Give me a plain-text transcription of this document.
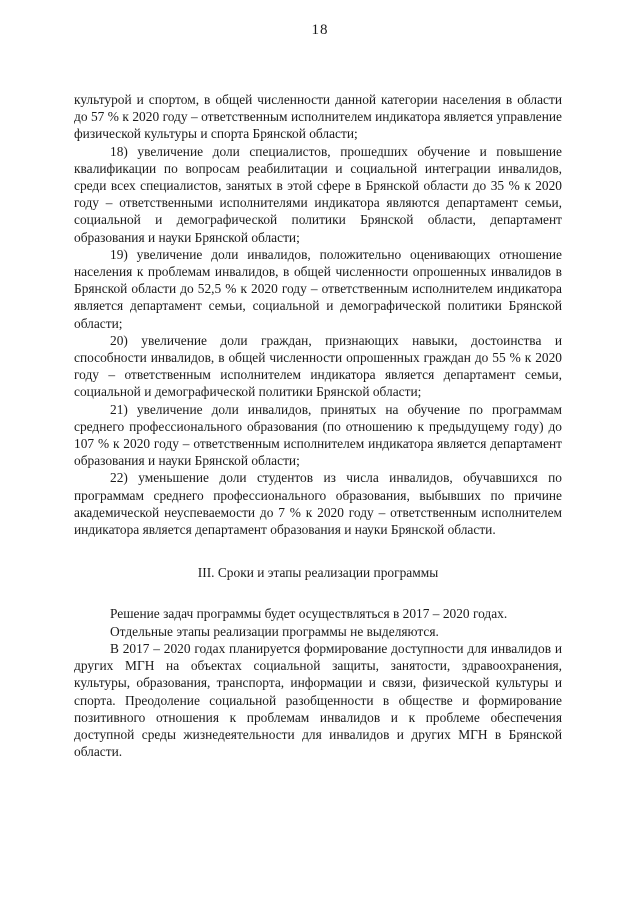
18

культурой и спортом, в общей численности данной категории населения в области до 57 % к 2020 году – ответственным исполнителем индикатора является управление физической культуры и спорта Брянской области;

18) увеличение доли специалистов, прошедших обучение и повышение квалификации по вопросам реабилитации и социальной интеграции инвалидов, среди всех специалистов, занятых в этой сфере в Брянской области до 35 % к 2020 году – ответственными исполнителями индикатора являются департамент семьи, социальной и демографической политики Брянской области, департамент образования и науки Брянской области;

19) увеличение доли инвалидов, положительно оценивающих отношение населения к проблемам инвалидов, в общей численности опрошенных инвалидов в Брянской области до 52,5 % к 2020 году – ответственным исполнителем индикатора является департамент семьи, социальной и демографической политики Брянской области;

20) увеличение доли граждан, признающих навыки, достоинства и способности инвалидов, в общей численности опрошенных граждан до 55 % к 2020 году – ответственным исполнителем индикатора является департамент семьи, социальной и демографической политики Брянской области;

21) увеличение доли инвалидов, принятых на обучение по программам среднего профессионального образования (по отношению к предыдущему году) до 107 % к 2020 году – ответственным исполнителем индикатора является департамент образования и науки Брянской области;

22) уменьшение доли студентов из числа инвалидов, обучавшихся по программам среднего профессионального образования, выбывших по причине академической неуспеваемости до 7 % к 2020 году – ответственным исполнителем индикатора является департамент образования и науки Брянской области.

III. Сроки и этапы реализации программы

Решение задач программы будет осуществляться в 2017 – 2020 годах.

Отдельные этапы реализации программы не выделяются.

В 2017 – 2020 годах планируется формирование доступности для инвалидов и других МГН на объектах социальной защиты, занятости, здравоохранения, культуры, образования, транспорта, информации и связи, физической культуры и спорта. Преодоление социальной разобщенности в обществе и формирование позитивного отношения к проблемам инвалидов и к проблеме обеспечения доступной среды жизнедеятельности для инвалидов и других МГН в Брянской области.
